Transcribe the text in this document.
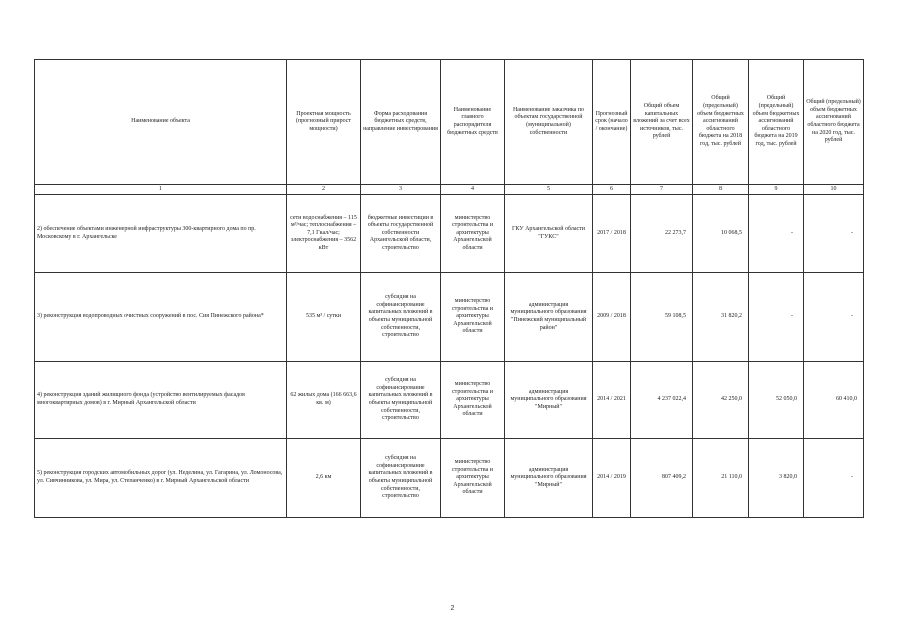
Наименование объекта	Проектная мощность (прогнозный прирост мощности)	Форма расходования бюджетных средств, направление инвестирования	Наименование главного распорядителя бюджетных средств	Наименование заказчика по объектам государственной (муниципальной) собственности	Прогнозный срок (начало / окончание)	Общий объем капитальных вложений за счет всех источников, тыс. рублей	Общий (предельный) объем бюджетных ассигнований областного бюджета на 2018 год, тыс. рублей	Общий (предельный) объем бюджетных ассигнований областного бюджета на 2019 год, тыс. рублей	Общий (предельный) объем бюджетных ассигнований областного бюджета на 2020 год, тыс. рублей
1	2	3	4	5	6	7	8	9	10
2) обеспечение объектами инженерной инфраструктуры 300-квартирного дома по пр. Московскому в г. Архангельске	сети водоснабжения – 115 м³/час; теплоснабжения – 7,1 Гкал/час; электроснабжения – 3562 кВт	бюджетные инвестиции в объекты государственной собственности Архангельской области, строительство	министерство строительства и архитектуры Архангельской области	ГКУ Архангельской области "ГУКС"	2017 / 2018	22 273,7	10 068,5	-	-
3) реконструкция водопроводных очистных сооружений в пос. Сия Пинежского района*	535 м³ / сутки	субсидия на софинансирование капитальных вложений в объекты муниципальной собственности, строительство	министерство строительства и архитектуры Архангельской области	администрация муниципального образования "Пинежский муниципальный район"	2009 / 2018	59 108,5	31 820,2	-	-
4) реконструкция зданий жилищного фонда (устройство вентилируемых фасадов многоквартирных домов) в г. Мирный Архангельской области	62 жилых дома (166 663,6 кв. м)	субсидия на софинансирование капитальных вложений в объекты муниципальной собственности, строительство	министерство строительства и архитектуры Архангельской области	администрация муниципального образования "Мирный"	2014 / 2021	4 237 022,4	42 250,0	52 050,0	60 410,0
5) реконструкция городских автомобильных дорог (ул. Неделина, ул. Гагарина, ул. Ломоносова, ул. Сивчинникова, ул. Мира, ул. Степанченко) в г. Мирный Архангельской области	2,6 км	субсидия на софинансирование капитальных вложений в объекты муниципальной собственности, строительство	министерство строительства и архитектуры Архангельской области	администрация муниципального образования "Мирный"	2014 / 2019	807 409,2	21 110,0	3 820,0	-
2
